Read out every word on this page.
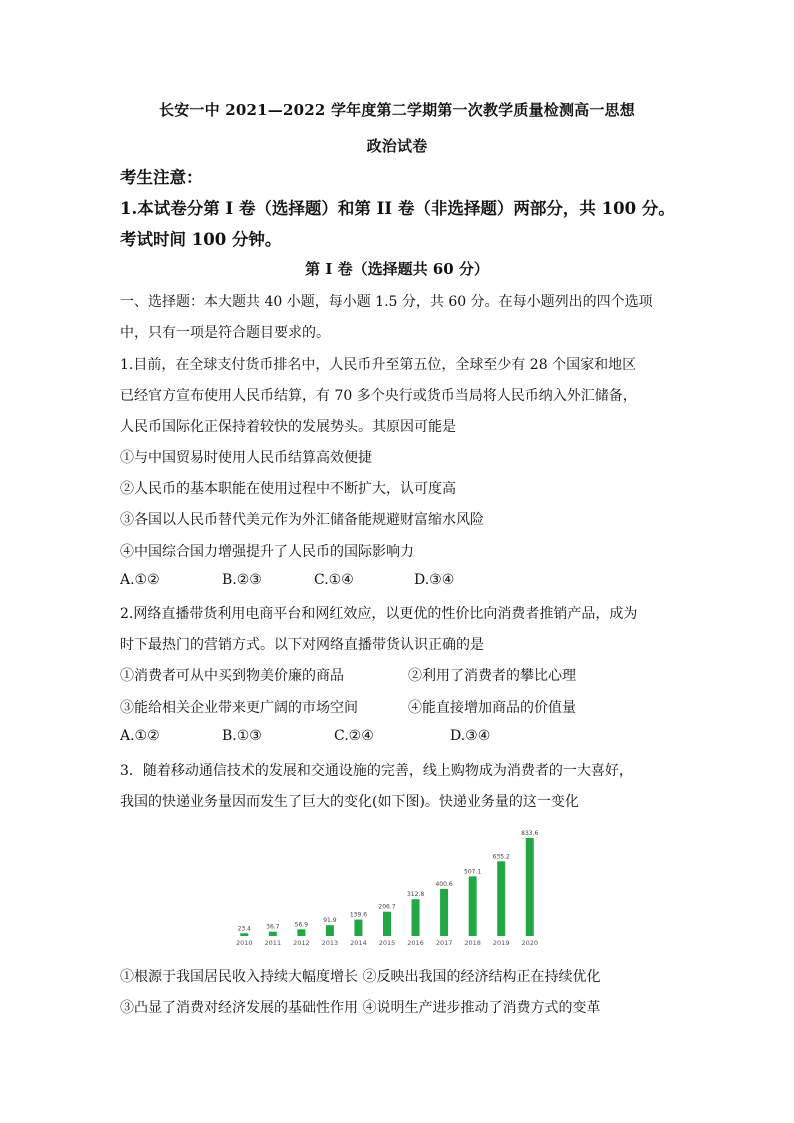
长安一中 2021—2022 学年度第二学期第一次教学质量检测高一思想
政治试卷
考生注意：
1.本试卷分第 I 卷（选择题）和第 II 卷（非选择题）两部分，共 100 分。
考试时间 100 分钟。
第 I 卷（选择题共 60 分）
一、选择题：本大题共 40 小题，每小题 1.5 分，共 60 分。在每小题列出的四个选项
中，只有一项是符合题目要求的。
1.目前，在全球支付货币排名中，人民币升至第五位，全球至少有 28 个国家和地区
已经官方宣布使用人民币结算，有 70 多个央行或货币当局将人民币纳入外汇储备，
人民币国际化正保持着较快的发展势头。其原因可能是
①与中国贸易时使用人民币结算高效便捷
②人民币的基本职能在使用过程中不断扩大，认可度高
③各国以人民币替代美元作为外汇储备能规避财富缩水风险
④中国综合国力增强提升了人民币的国际影响力
A.①②	B.②③	C.①④	D.③④
2.网络直播带货利用电商平台和网红效应，以更优的性价比向消费者推销产品，成为
时下最热门的营销方式。以下对网络直播带货认识正确的是
①消费者可从中买到物美价廉的商品	②利用了消费者的攀比心理
③能给相关企业带来更广阔的市场空间	④能直接增加商品的价值量
A.①②	B.①③	C.②④	D.③④
3．随着移动通信技术的发展和交通设施的完善，线上购物成为消费者的一大喜好，
我国的快递业务量因而发生了巨大的变化(如下图)。快递业务量的这一变化
23.4
2010
36.7
2011
56.9
2012
91.9
2013
139.6
2014
206.7
2015
312.8
2016
400.6
2017
507.1
2018
635.2
2019
833.6
2020
①根源于我国居民收入持续大幅度增长 ②反映出我国的经济结构正在持续优化
③凸显了消费对经济发展的基础性作用 ④说明生产进步推动了消费方式的变革
